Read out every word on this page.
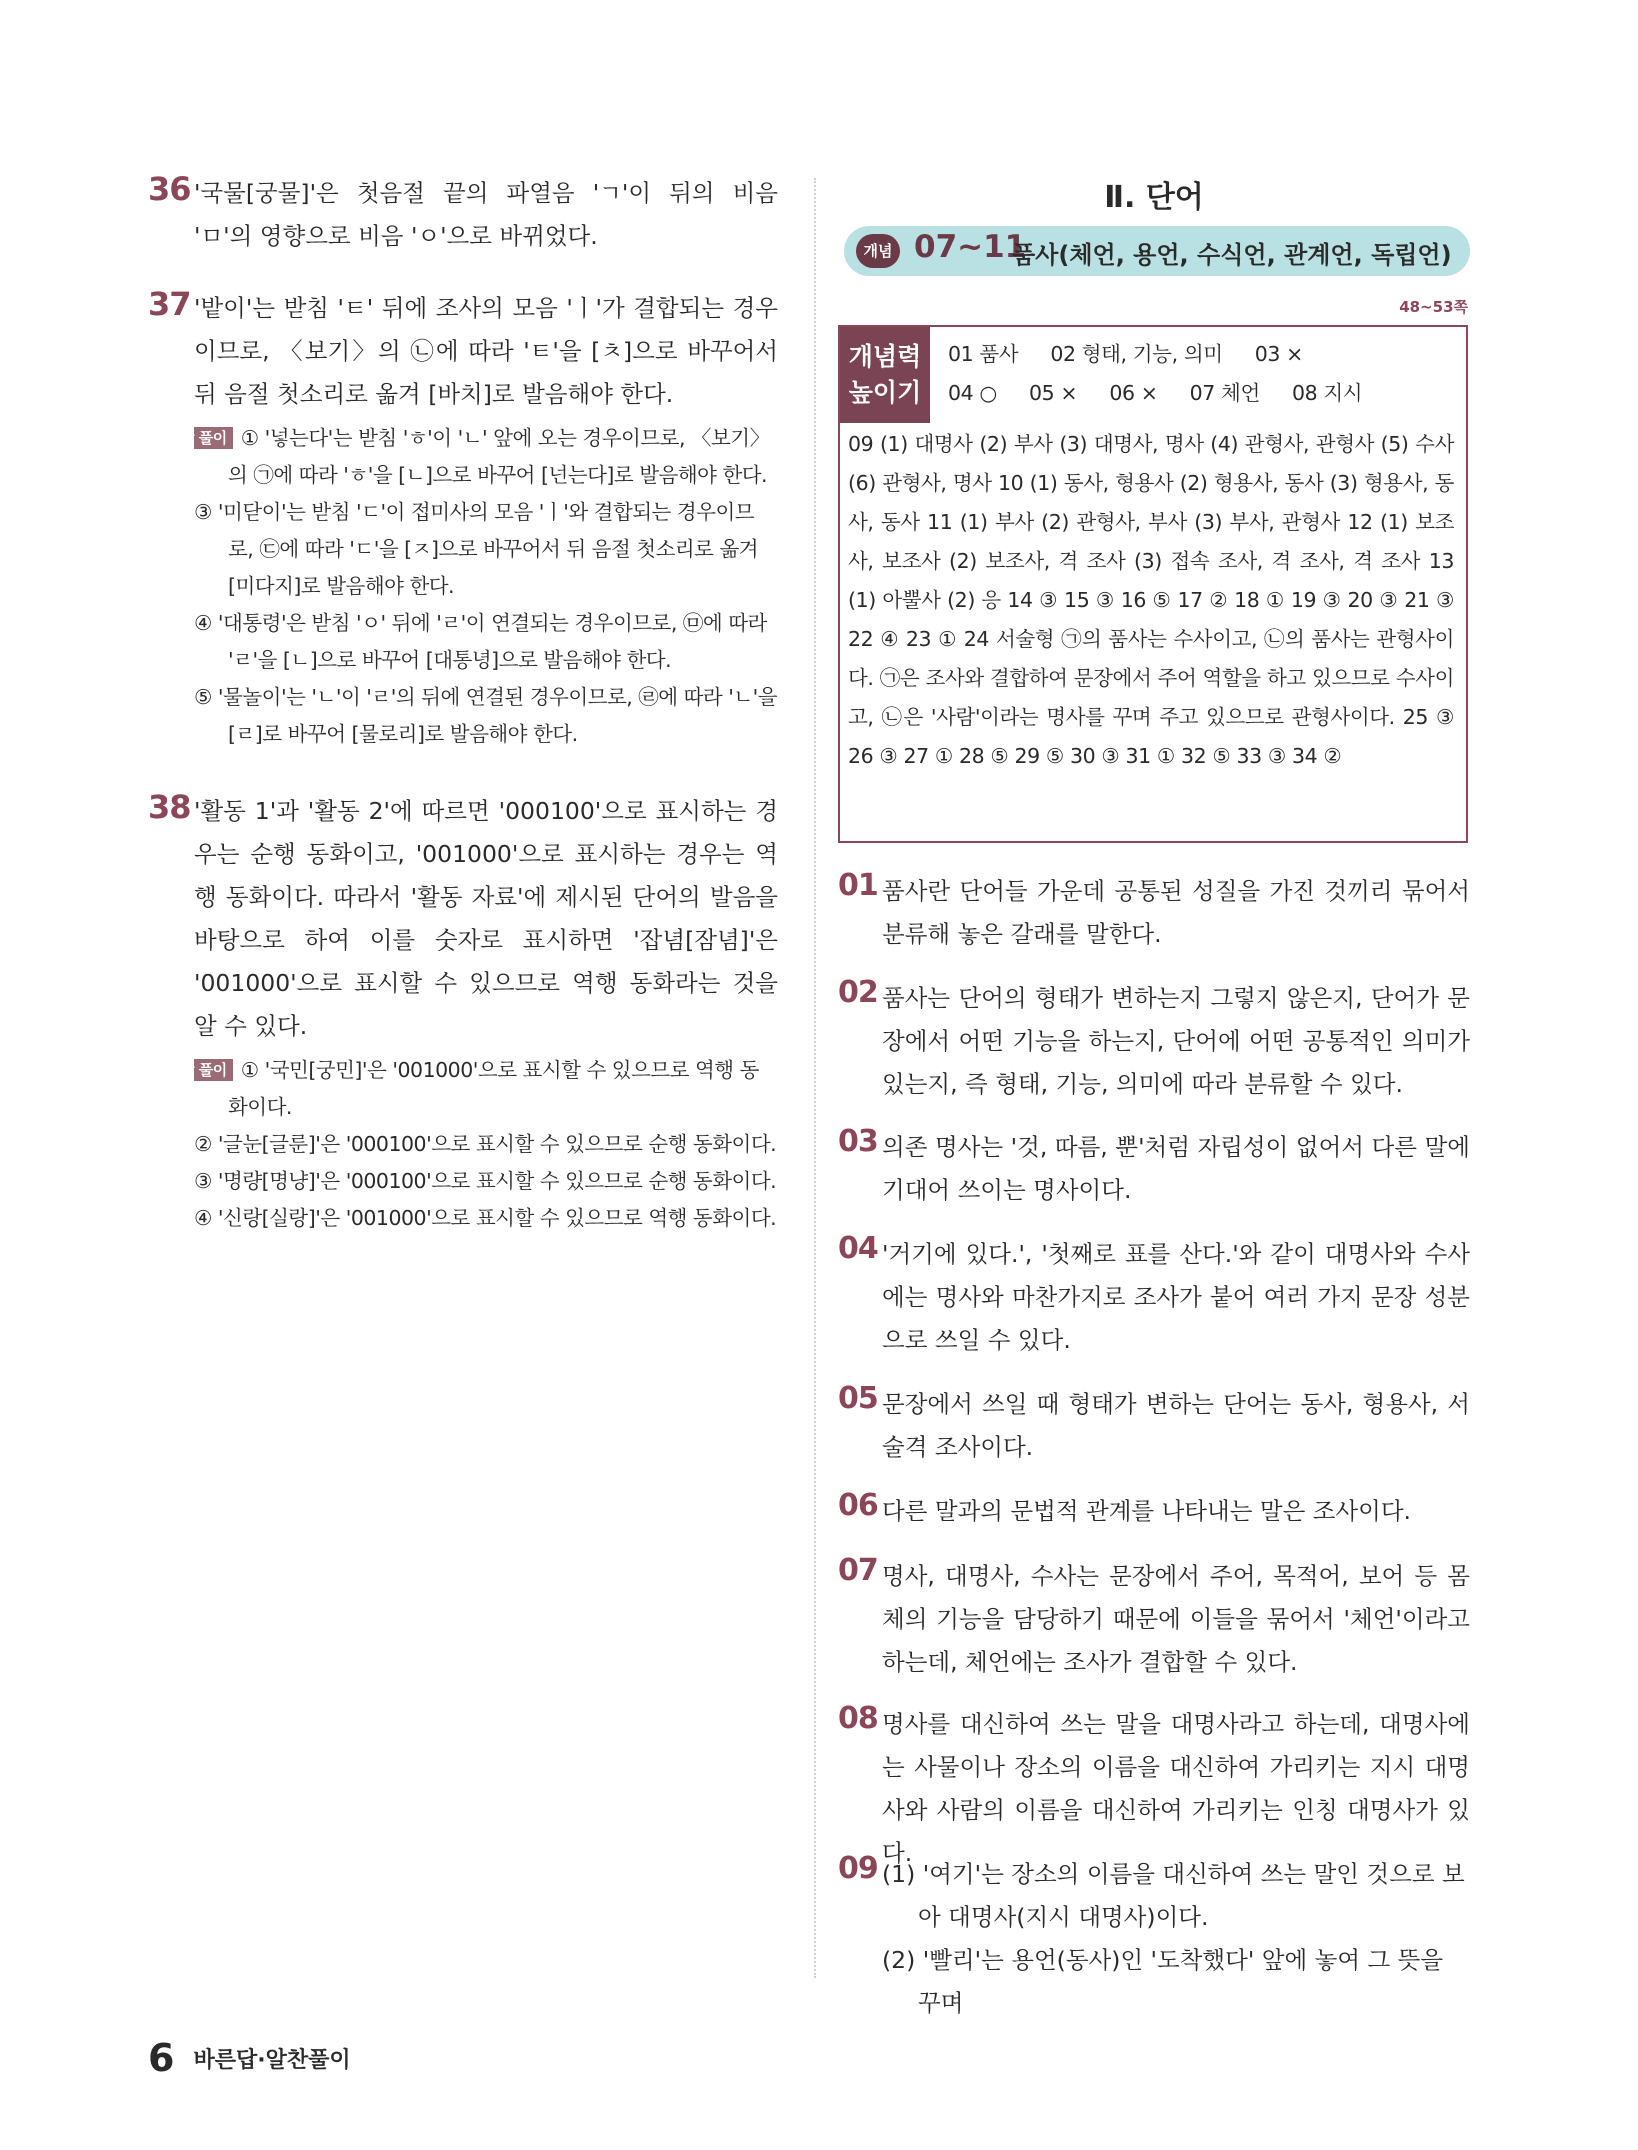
36 '국물[궁물]'은 첫음절 끝의 파열음 'ㄱ'이 뒤의 비음 'ㅁ'의 영향으로 비음 'ㅇ'으로 바뀌었다.
37 '밭이'는 받침 'ㅌ' 뒤에 조사의 모음 'ㅣ'가 결합되는 경우이므로, 〈보기〉의 ㉡에 따라 'ㅌ'을 [ㅊ]으로 바꾸어서 뒤 음절 첫소리로 옮겨 [바치]로 발음해야 한다.

오답 풀이 ① '넣는다'는 받침 'ㅎ'이 'ㄴ' 앞에 오는 경우이므로, 〈보기〉의 ㉠에 따라 'ㅎ'을 [ㄴ]으로 바꾸어 [넌는다]로 발음해야 한다.

③ '미닫이'는 받침 'ㄷ'이 접미사의 모음 'ㅣ'와 결합되는 경우이므로, ㉢에 따라 'ㄷ'을 [ㅈ]으로 바꾸어서 뒤 음절 첫소리로 옮겨 [미다지]로 발음해야 한다.

④ '대통령'은 받침 'ㅇ' 뒤에 'ㄹ'이 연결되는 경우이므로, ㉤에 따라 'ㄹ'을 [ㄴ]으로 바꾸어 [대통녕]으로 발음해야 한다.

⑤ '물놀이'는 'ㄴ'이 'ㄹ'의 뒤에 연결된 경우이므로, ㉣에 따라 'ㄴ'을 [ㄹ]로 바꾸어 [물로리]로 발음해야 한다.

38 '활동 1'과 '활동 2'에 따르면 '000100'으로 표시하는 경우는 순행 동화이고, '001000'으로 표시하는 경우는 역행 동화이다. 따라서 '활동 자료'에 제시된 단어의 발음을 바탕으로 하여 이를 숫자로 표시하면 '잡념[잠념]'은 '001000'으로 표시할 수 있으므로 역행 동화라는 것을 알 수 있다.

오답 풀이 ① '국민[궁민]'은 '001000'으로 표시할 수 있으므로 역행 동화이다.

② '글눈[글룬]'은 '000100'으로 표시할 수 있으므로 순행 동화이다.

③ '명량[명냥]'은 '000100'으로 표시할 수 있으므로 순행 동화이다.

④ '신랑[실랑]'은 '001000'으로 표시할 수 있으므로 역행 동화이다.

Ⅱ. 단어
개념 07~11
품사(체언, 용언, 수식언, 관계언, 독립언)
48~53쪽
개념력 높이기
01 품사 02 형태, 기능, 의미 03 ×
04 ○ 05 × 06 × 07 체언 08 지시
09 (1) 대명사 (2) 부사 (3) 대명사, 명사 (4) 관형사, 관형사 (5) 수사 (6) 관형사, 명사 10 (1) 동사, 형용사 (2) 형용사, 동사 (3) 형용사, 동사, 동사 11 (1) 부사 (2) 관형사, 부사 (3) 부사, 관형사 12 (1) 보조사, 보조사 (2) 보조사, 격 조사 (3) 접속 조사, 격 조사, 격 조사 13 (1) 아뿔사 (2) 응 14 ③ 15 ③ 16 ⑤ 17 ② 18 ① 19 ③ 20 ③ 21 ③ 22 ④ 23 ① 24 서술형 ㉠의 품사는 수사이고, ㉡의 품사는 관형사이다. ㉠은 조사와 결합하여 문장에서 주어 역할을 하고 있으므로 수사이고, ㉡은 '사람'이라는 명사를 꾸며 주고 있으므로 관형사이다. 25 ③ 26 ③ 27 ① 28 ⑤ 29 ⑤ 30 ③ 31 ① 32 ⑤ 33 ③ 34 ②
01 품사란 단어들 가운데 공통된 성질을 가진 것끼리 묶어서 분류해 놓은 갈래를 말한다.
02 품사는 단어의 형태가 변하는지 그렇지 않은지, 단어가 문장에서 어떤 기능을 하는지, 단어에 어떤 공통적인 의미가 있는지, 즉 형태, 기능, 의미에 따라 분류할 수 있다.
03 의존 명사는 '것, 따름, 뿐'처럼 자립성이 없어서 다른 말에 기대어 쓰이는 명사이다.
04 '거기에 있다.', '첫째로 표를 산다.'와 같이 대명사와 수사에는 명사와 마찬가지로 조사가 붙어 여러 가지 문장 성분으로 쓰일 수 있다.
05 문장에서 쓰일 때 형태가 변하는 단어는 동사, 형용사, 서술격 조사이다.
06 다른 말과의 문법적 관계를 나타내는 말은 조사이다.
07 명사, 대명사, 수사는 문장에서 주어, 목적어, 보어 등 몸체의 기능을 담당하기 때문에 이들을 묶어서 '체언'이라고 하는데, 체언에는 조사가 결합할 수 있다.
08 명사를 대신하여 쓰는 말을 대명사라고 하는데, 대명사에는 사물이나 장소의 이름을 대신하여 가리키는 지시 대명사와 사람의 이름을 대신하여 가리키는 인칭 대명사가 있다.
09 (1) '여기'는 장소의 이름을 대신하여 쓰는 말인 것으로 보아 대명사(지시 대명사)이다.

(2) '빨리'는 용언(동사)인 '도착했다' 앞에 놓여 그 뜻을 꾸며

6 바른답·알찬풀이
